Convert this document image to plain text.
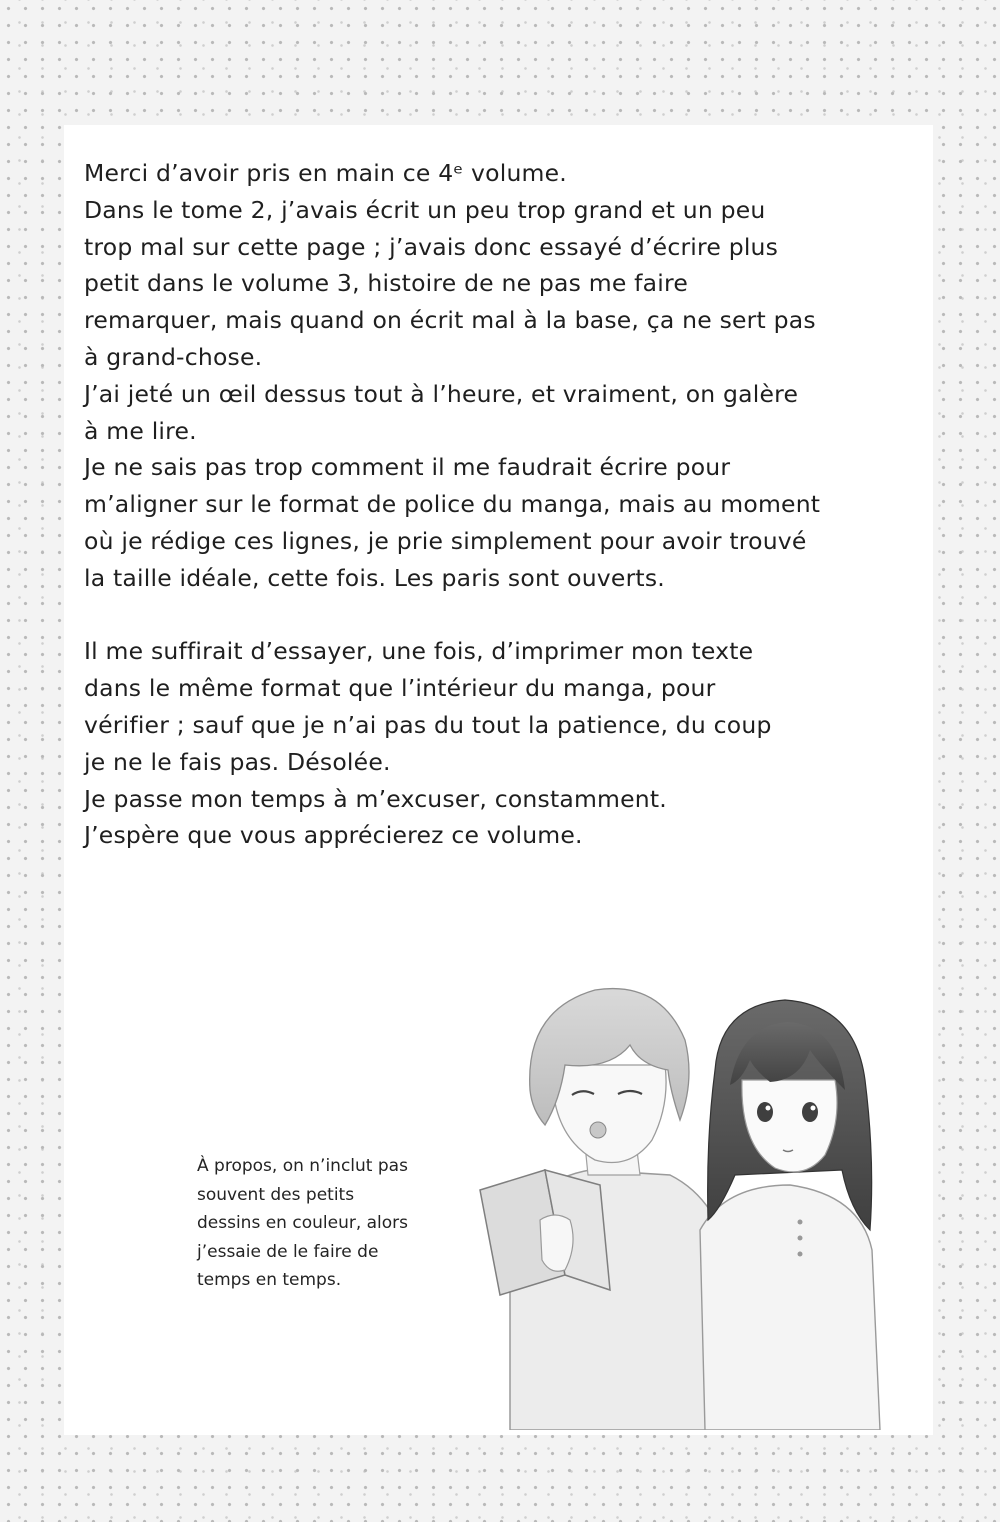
Merci d’avoir pris en main ce 4ᵉ volume.
Dans le tome 2, j’avais écrit un peu trop grand et un peu
trop mal sur cette page ; j’avais donc essayé d’écrire plus
petit dans le volume 3, histoire de ne pas me faire
remarquer, mais quand on écrit mal à la base, ça ne sert pas
à grand-chose.
J’ai jeté un œil dessus tout à l’heure, et vraiment, on galère
à me lire.
Je ne sais pas trop comment il me faudrait écrire pour
m’aligner sur le format de police du manga, mais au moment
où je rédige ces lignes, je prie simplement pour avoir trouvé
la taille idéale, cette fois. Les paris sont ouverts.
Il me suffirait d’essayer, une fois, d’imprimer mon texte
dans le même format que l’intérieur du manga, pour
vérifier ; sauf que je n’ai pas du tout la patience, du coup
je ne le fais pas. Désolée.
Je passe mon temps à m’excuser, constamment.
J’espère que vous apprécierez ce volume.
À propos, on n’inclut pas
souvent des petits
dessins en couleur, alors
j’essaie de le faire de
temps en temps.
